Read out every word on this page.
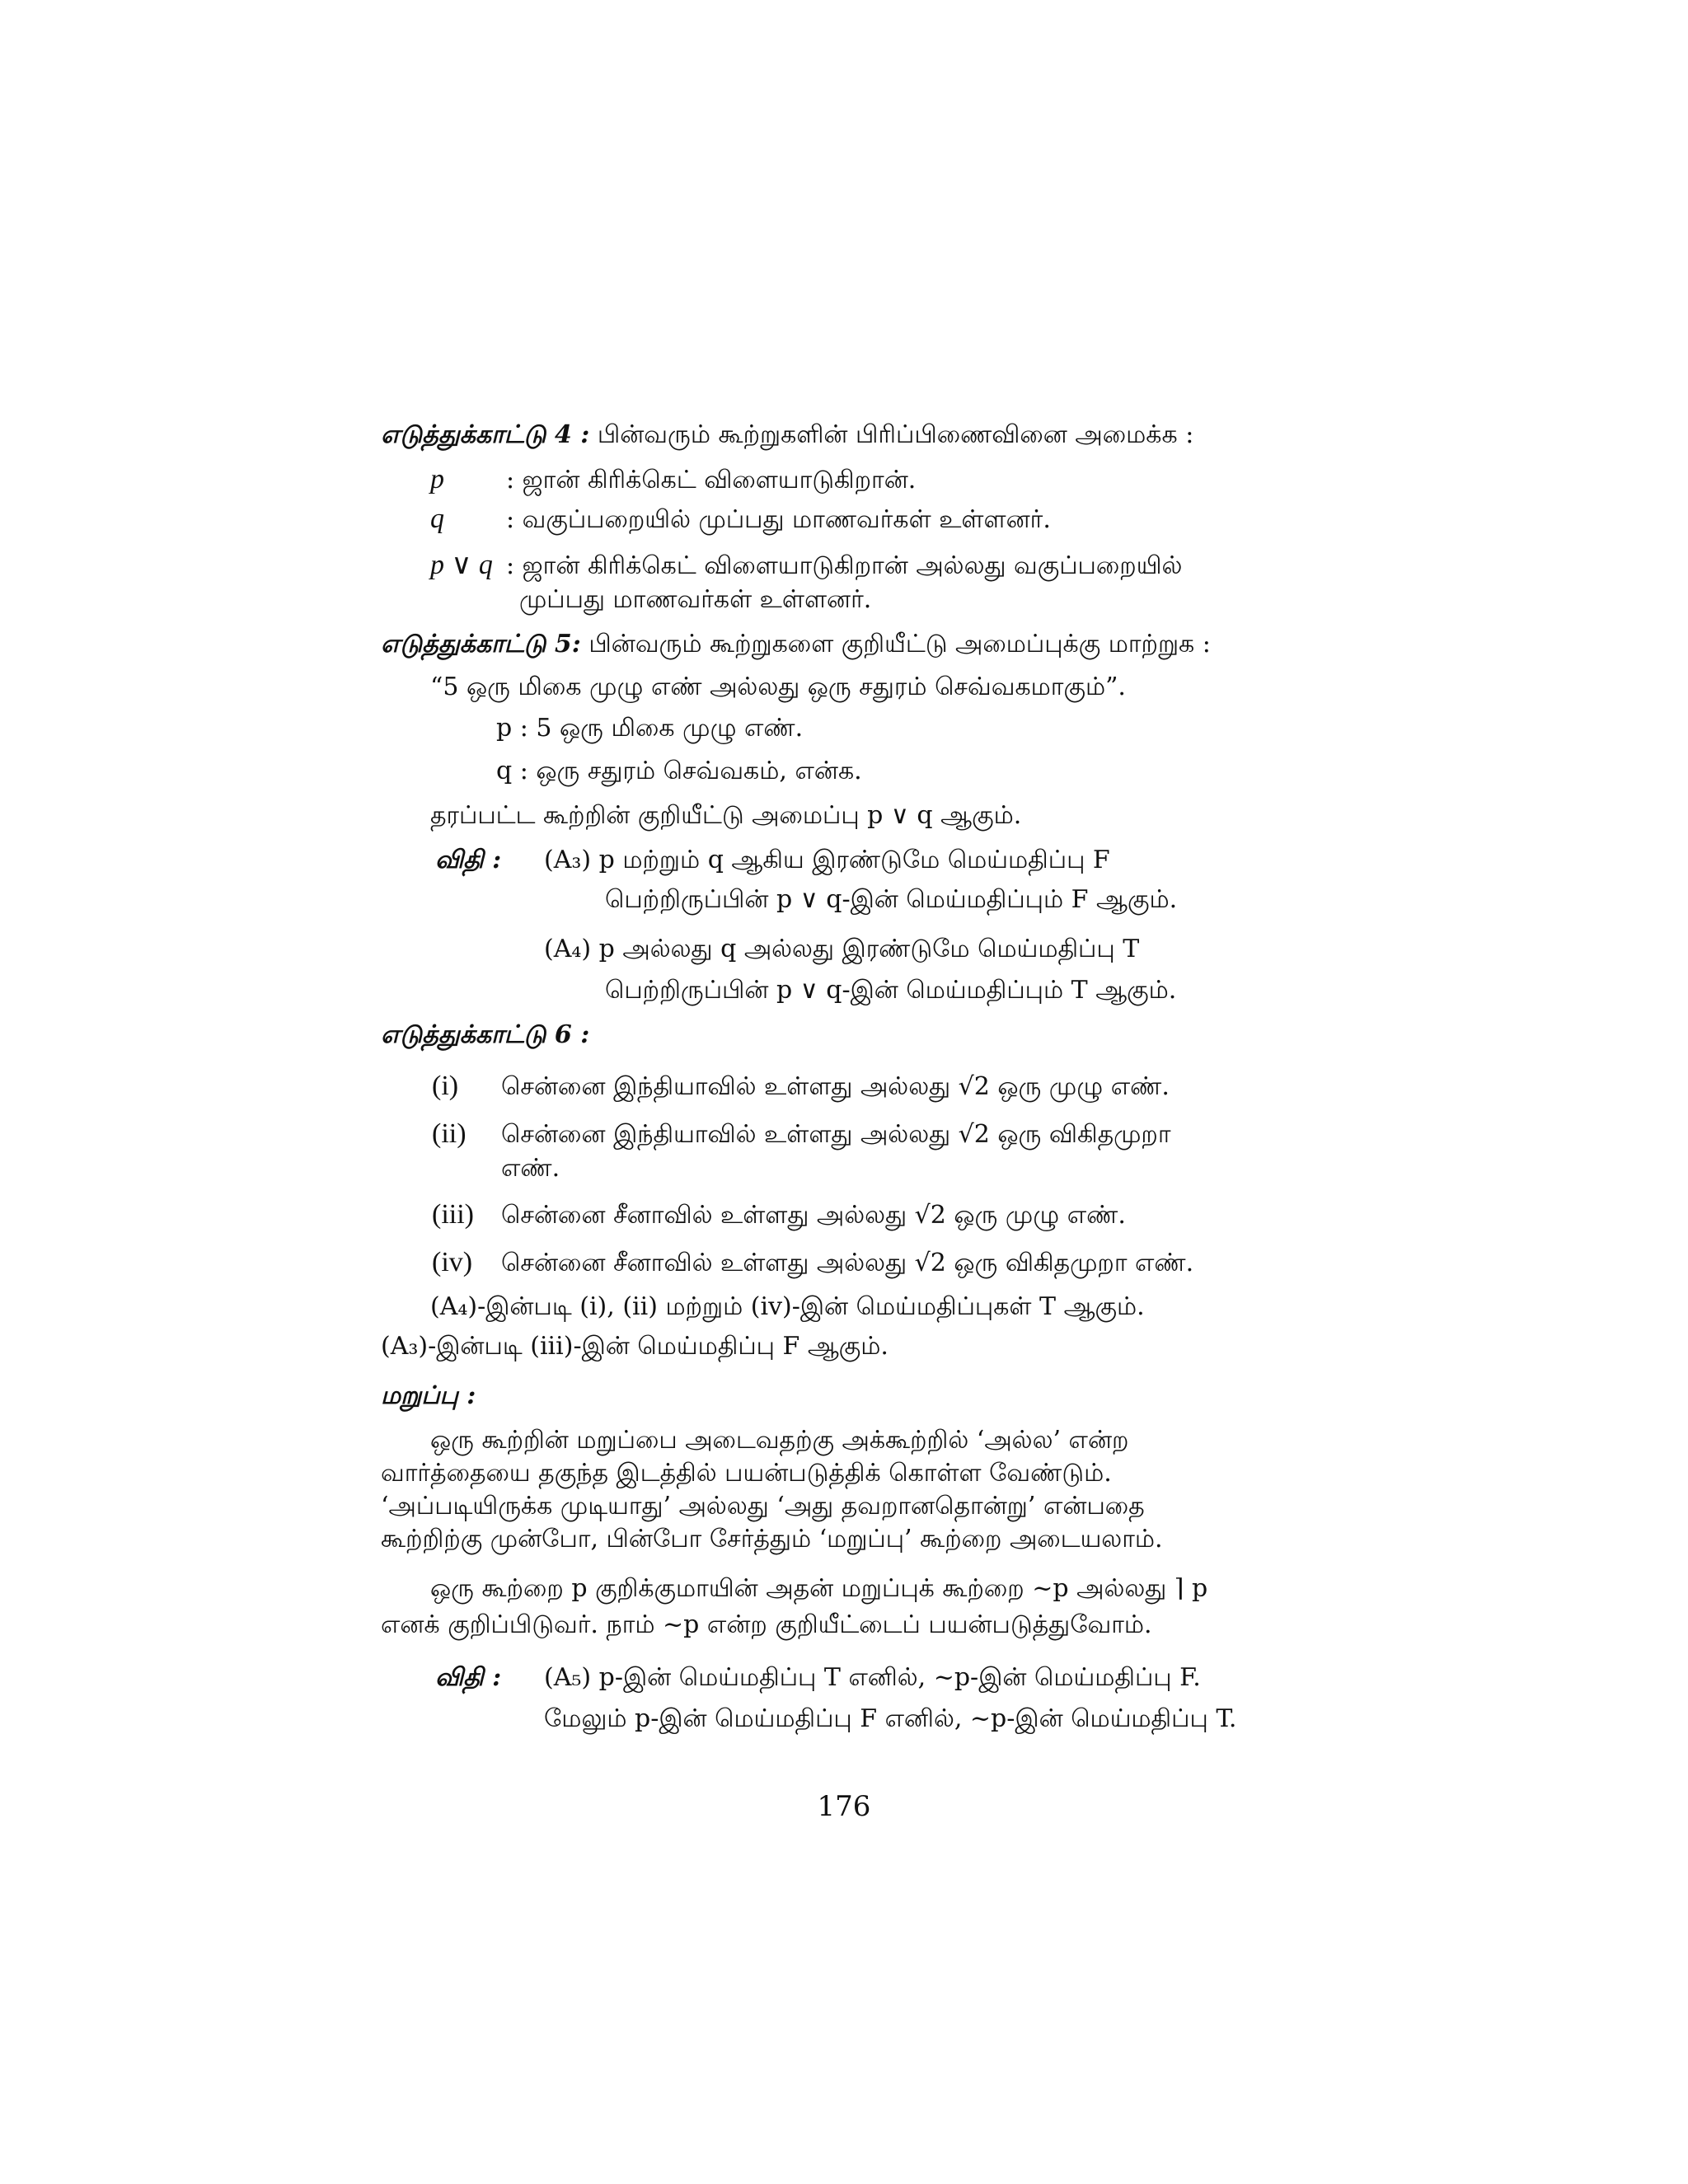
எடுத்துக்காட்டு 4 : பின்வரும் கூற்றுகளின் பிரிப்பிணைவினை அமைக்க :
p	: ஜான் கிரிக்கெட் விளையாடுகிறான்.
q	: வகுப்பறையில் முப்பது மாணவர்கள் உள்ளனர்.
p ∨ q : ஜான் கிரிக்கெட் விளையாடுகிறான் அல்லது வகுப்பறையில்
முப்பது மாணவர்கள் உள்ளனர்.
எடுத்துக்காட்டு 5: பின்வரும் கூற்றுகளை குறியீட்டு அமைப்புக்கு மாற்றுக :
“5 ஒரு மிகை முழு எண் அல்லது ஒரு சதுரம் செவ்வகமாகும்”.
p : 5 ஒரு மிகை முழு எண்.
q : ஒரு சதுரம் செவ்வகம், என்க.
தரப்பட்ட கூற்றின் குறியீட்டு அமைப்பு p ∨ q ஆகும்.
விதி : (A₃) p மற்றும் q ஆகிய இரண்டுமே மெய்மதிப்பு F
பெற்றிருப்பின் p ∨ q-இன் மெய்மதிப்பும் F ஆகும்.
(A₄) p அல்லது q அல்லது இரண்டுமே மெய்மதிப்பு T
பெற்றிருப்பின் p ∨ q-இன் மெய்மதிப்பும் T ஆகும்.
எடுத்துக்காட்டு 6 :
(i) சென்னை இந்தியாவில் உள்ளது அல்லது √2 ஒரு முழு எண்.
(ii) சென்னை இந்தியாவில் உள்ளது அல்லது √2 ஒரு விகிதமுறா
எண்.
(iii) சென்னை சீனாவில் உள்ளது அல்லது √2 ஒரு முழு எண்.
(iv) சென்னை சீனாவில் உள்ளது அல்லது √2 ஒரு விகிதமுறா எண்.
(A₄)-இன்படி (i), (ii) மற்றும் (iv)-இன் மெய்மதிப்புகள் T ஆகும்.
(A₃)-இன்படி (iii)-இன் மெய்மதிப்பு F ஆகும்.
மறுப்பு :
ஒரு கூற்றின் மறுப்பை அடைவதற்கு அக்கூற்றில் ‘அல்ல’ என்ற
வார்த்தையை தகுந்த இடத்தில் பயன்படுத்திக் கொள்ள வேண்டும்.
‘அப்படியிருக்க முடியாது’ அல்லது ‘அது தவறானதொன்று’ என்பதை
கூற்றிற்கு முன்போ, பின்போ சேர்த்தும் ‘மறுப்பு’ கூற்றை அடையலாம்.
ஒரு கூற்றை p குறிக்குமாயின் அதன் மறுப்புக் கூற்றை ~p அல்லது ⌉ p
எனக் குறிப்பிடுவர். நாம் ~p என்ற குறியீட்டைப் பயன்படுத்துவோம்.
விதி : (A₅) p-இன் மெய்மதிப்பு T எனில், ~p-இன் மெய்மதிப்பு F.
மேலும் p-இன் மெய்மதிப்பு F எனில், ~p-இன் மெய்மதிப்பு T.
176
